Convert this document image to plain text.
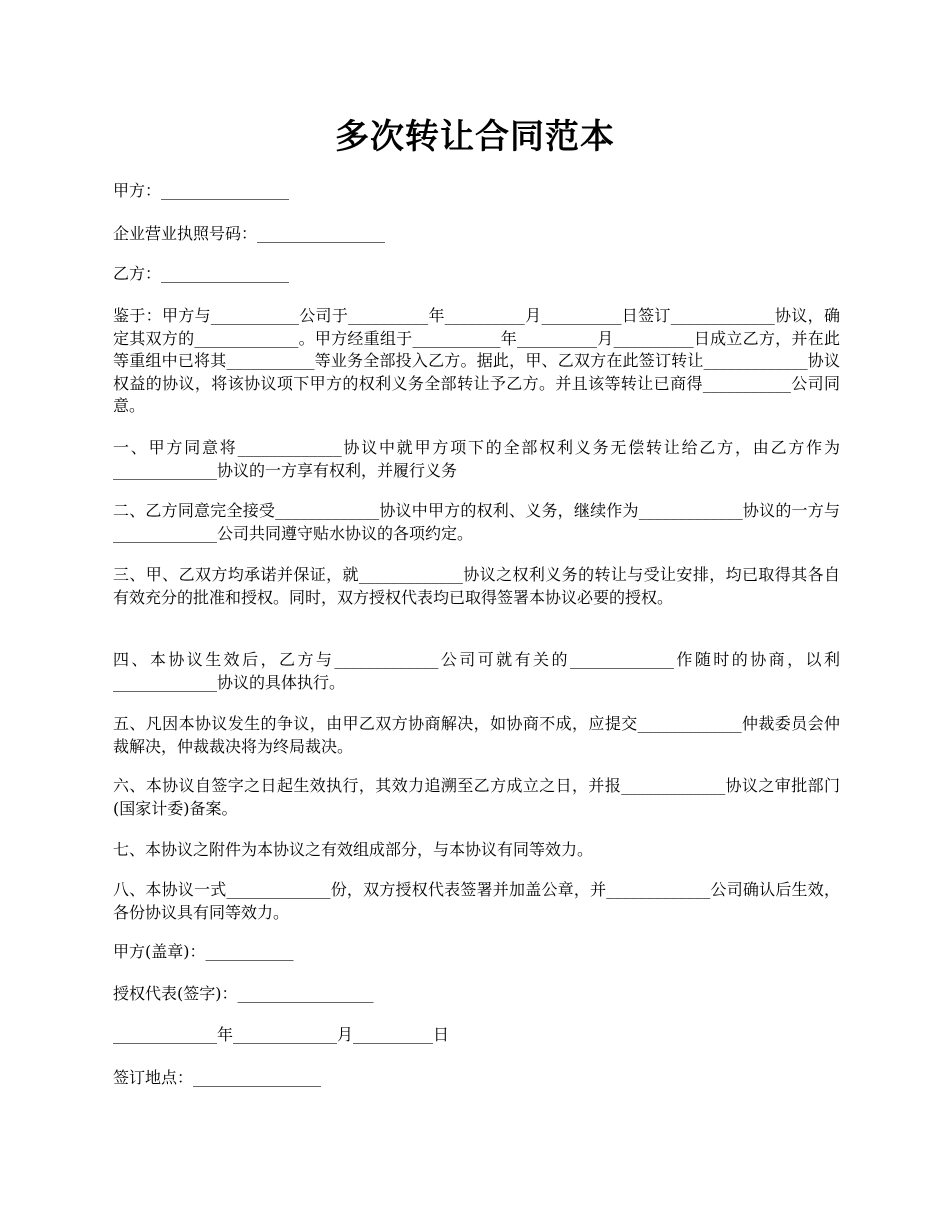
多次转让合同范本

甲方：________________

企业营业执照号码：________________

乙方：________________

鉴于：甲方与___________公司于__________年__________月__________日签订_____________协议，确定其双方的_____________。甲方经重组于___________年__________月__________日成立乙方，并在此等重组中已将其___________等业务全部投入乙方。据此，甲、乙双方在此签订转让_____________协议权益的协议，将该协议项下甲方的权利义务全部转让予乙方。并且该等转让已商得___________公司同意。

一、甲方同意将_____________协议中就甲方项下的全部权利义务无偿转让给乙方，由乙方作为_____________协议的一方享有权利，并履行义务

二、乙方同意完全接受_____________协议中甲方的权利、义务，继续作为_____________协议的一方与_____________公司共同遵守贴水协议的各项约定。

三、甲、乙双方均承诺并保证，就_____________协议之权利义务的转让与受让安排，均已取得其各自有效充分的批准和授权。同时，双方授权代表均已取得签署本协议必要的授权。

四、本协议生效后，乙方与_____________公司可就有关的_____________作随时的协商，以利_____________协议的具体执行。

五、凡因本协议发生的争议，由甲乙双方协商解决，如协商不成，应提交_____________仲裁委员会仲裁解决，仲裁裁决将为终局裁决。

六、本协议自签字之日起生效执行，其效力追溯至乙方成立之日，并报_____________协议之审批部门(国家计委)备案。

七、本协议之附件为本协议之有效组成部分，与本协议有同等效力。

八、本协议一式_____________份，双方授权代表签署并加盖公章，并_____________公司确认后生效，各份协议具有同等效力。

甲方(盖章)：___________

授权代表(签字)：_________________

_____________年_____________月__________日

签订地点：________________
